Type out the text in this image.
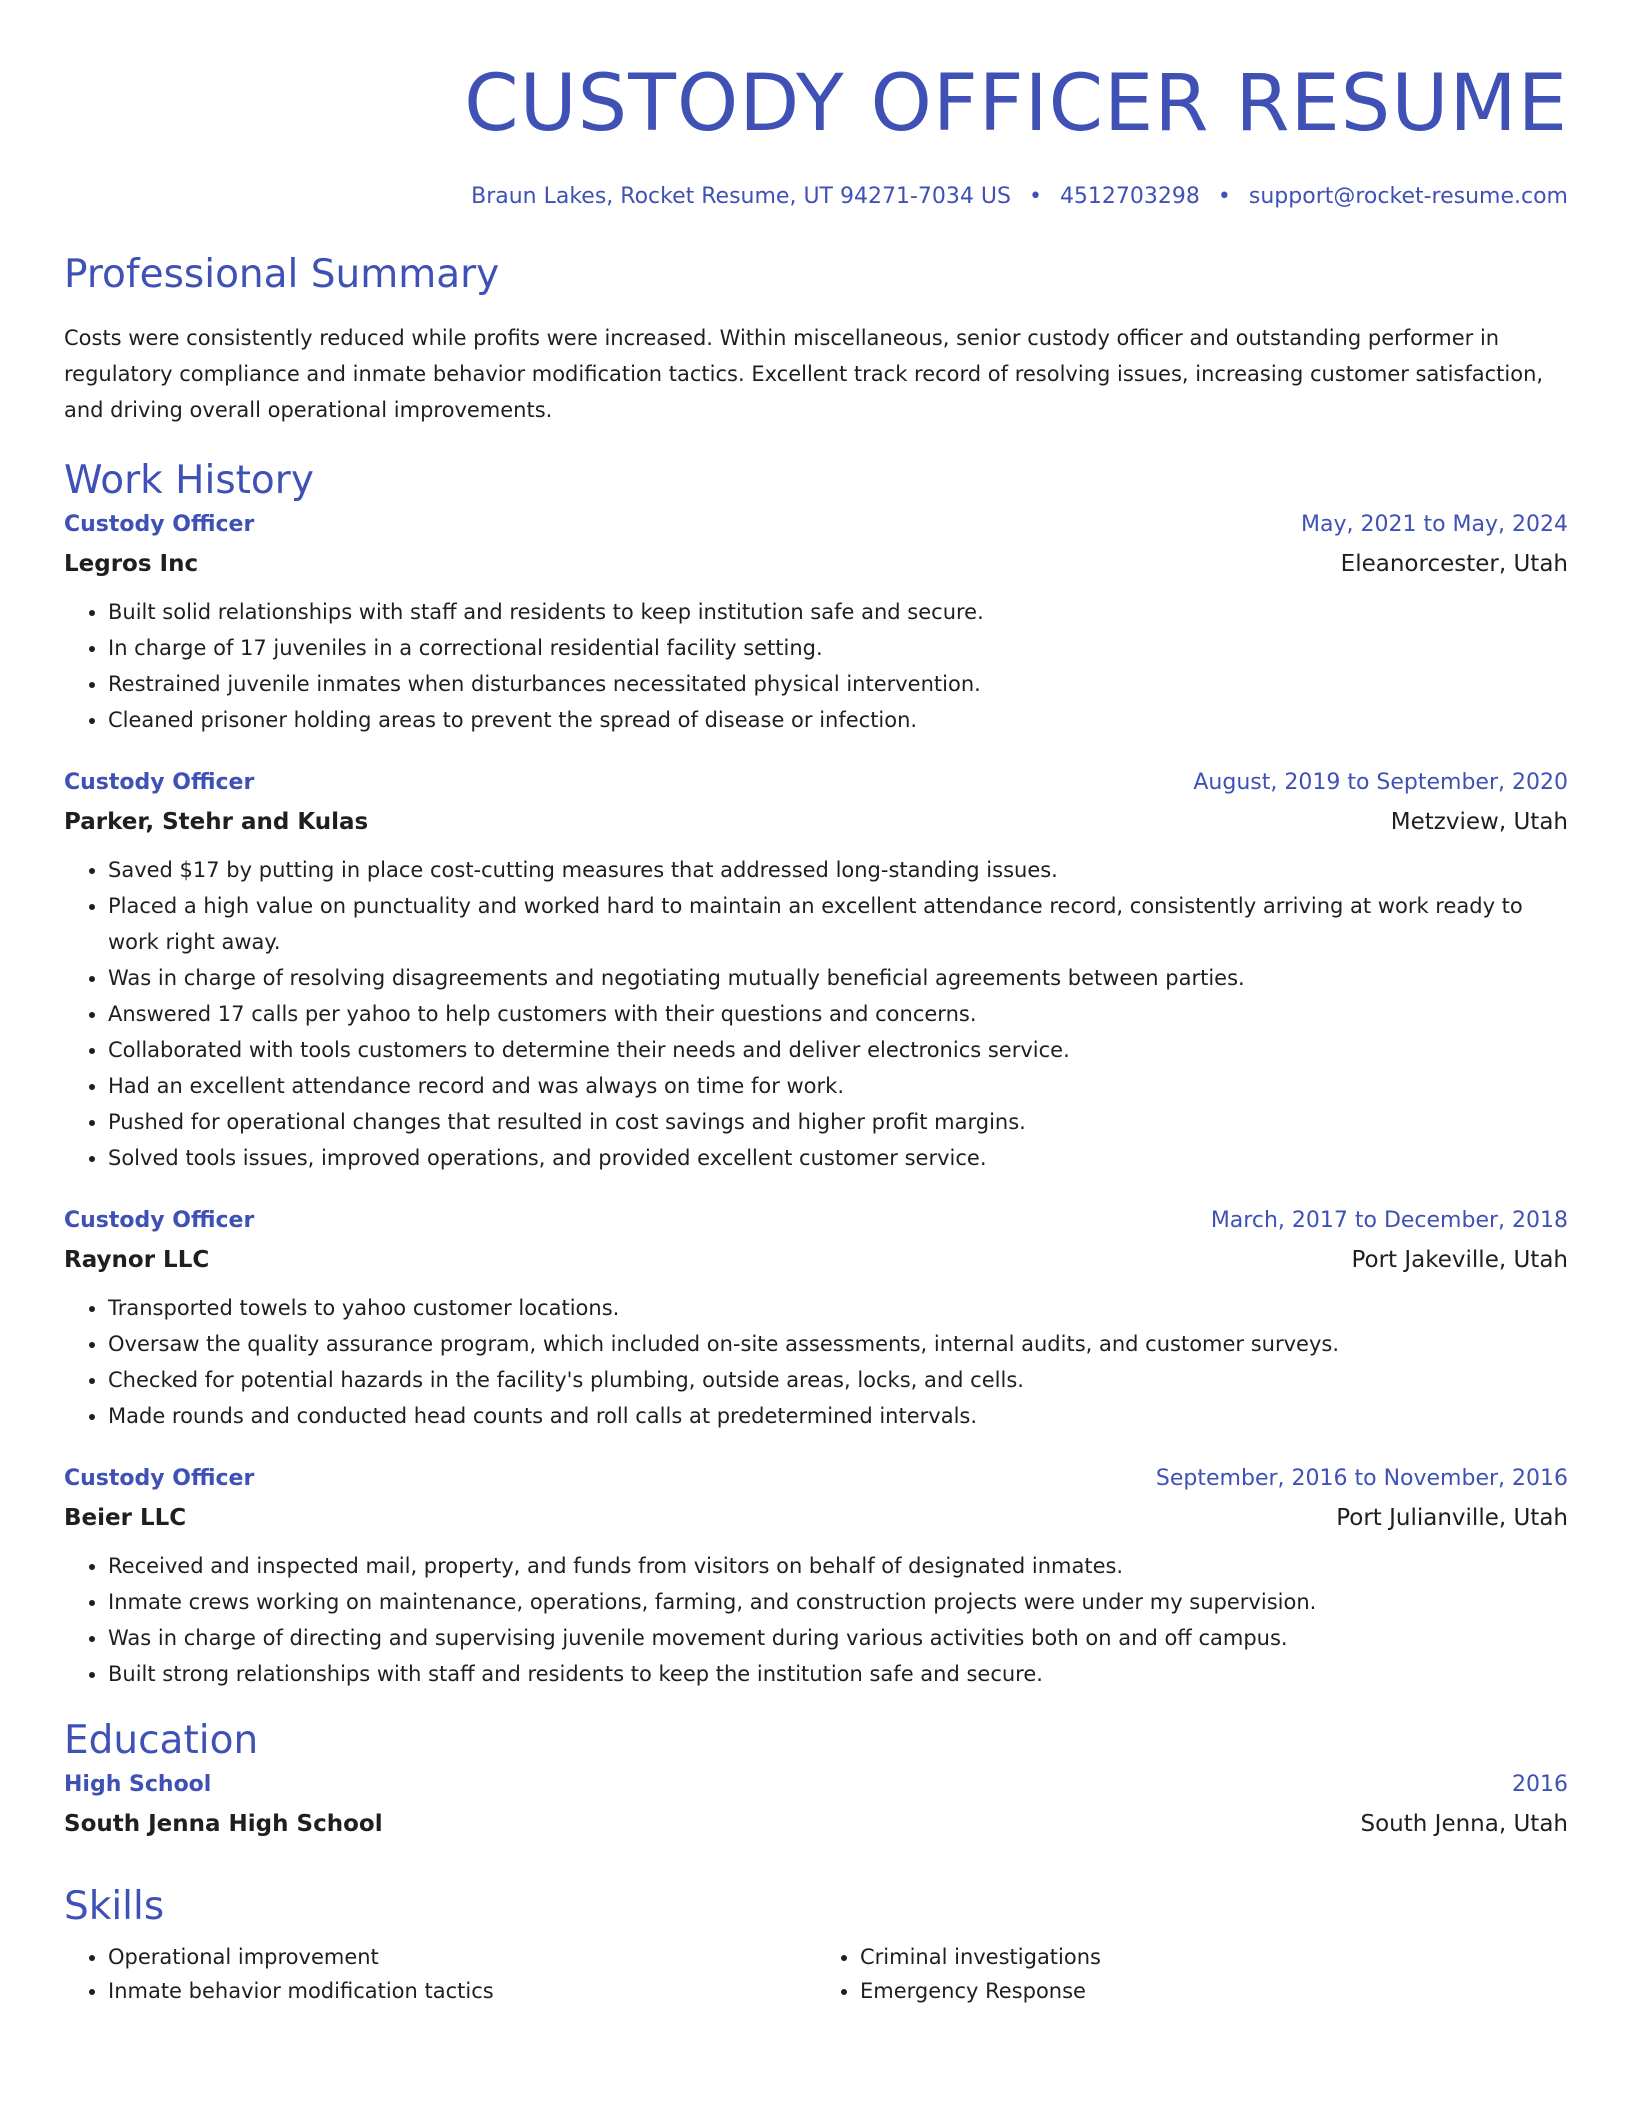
CUSTODY OFFICER RESUME
Braun Lakes, Rocket Resume, UT 94271-7034 US • 4512703298 • support@rocket-resume.com
Professional Summary

Costs were consistently reduced while profits were increased. Within miscellaneous, senior custody officer and outstanding performer in regulatory compliance and inmate behavior modification tactics. Excellent track record of resolving issues, increasing customer satisfaction, and driving overall operational improvements.

Work History
Custody Officer	May, 2021 to May, 2024
Legros Inc	Eleanorcester, Utah
• Built solid relationships with staff and residents to keep institution safe and secure.
• In charge of 17 juveniles in a correctional residential facility setting.
• Restrained juvenile inmates when disturbances necessitated physical intervention.
• Cleaned prisoner holding areas to prevent the spread of disease or infection.
Custody Officer	August, 2019 to September, 2020
Parker, Stehr and Kulas	Metzview, Utah
• Saved $17 by putting in place cost-cutting measures that addressed long-standing issues.
• Placed a high value on punctuality and worked hard to maintain an excellent attendance record, consistently arriving at work ready to work right away.
• Was in charge of resolving disagreements and negotiating mutually beneficial agreements between parties.
• Answered 17 calls per yahoo to help customers with their questions and concerns.
• Collaborated with tools customers to determine their needs and deliver electronics service.
• Had an excellent attendance record and was always on time for work.
• Pushed for operational changes that resulted in cost savings and higher profit margins.
• Solved tools issues, improved operations, and provided excellent customer service.
Custody Officer	March, 2017 to December, 2018
Raynor LLC	Port Jakeville, Utah
• Transported towels to yahoo customer locations.
• Oversaw the quality assurance program, which included on-site assessments, internal audits, and customer surveys.
• Checked for potential hazards in the facility's plumbing, outside areas, locks, and cells.
• Made rounds and conducted head counts and roll calls at predetermined intervals.
Custody Officer	September, 2016 to November, 2016
Beier LLC	Port Julianville, Utah
• Received and inspected mail, property, and funds from visitors on behalf of designated inmates.
• Inmate crews working on maintenance, operations, farming, and construction projects were under my supervision.
• Was in charge of directing and supervising juvenile movement during various activities both on and off campus.
• Built strong relationships with staff and residents to keep the institution safe and secure.
Education
High School	2016
South Jenna High School	South Jenna, Utah
Skills
• Operational improvement
• Inmate behavior modification tactics
• Criminal investigations
• Emergency Response
